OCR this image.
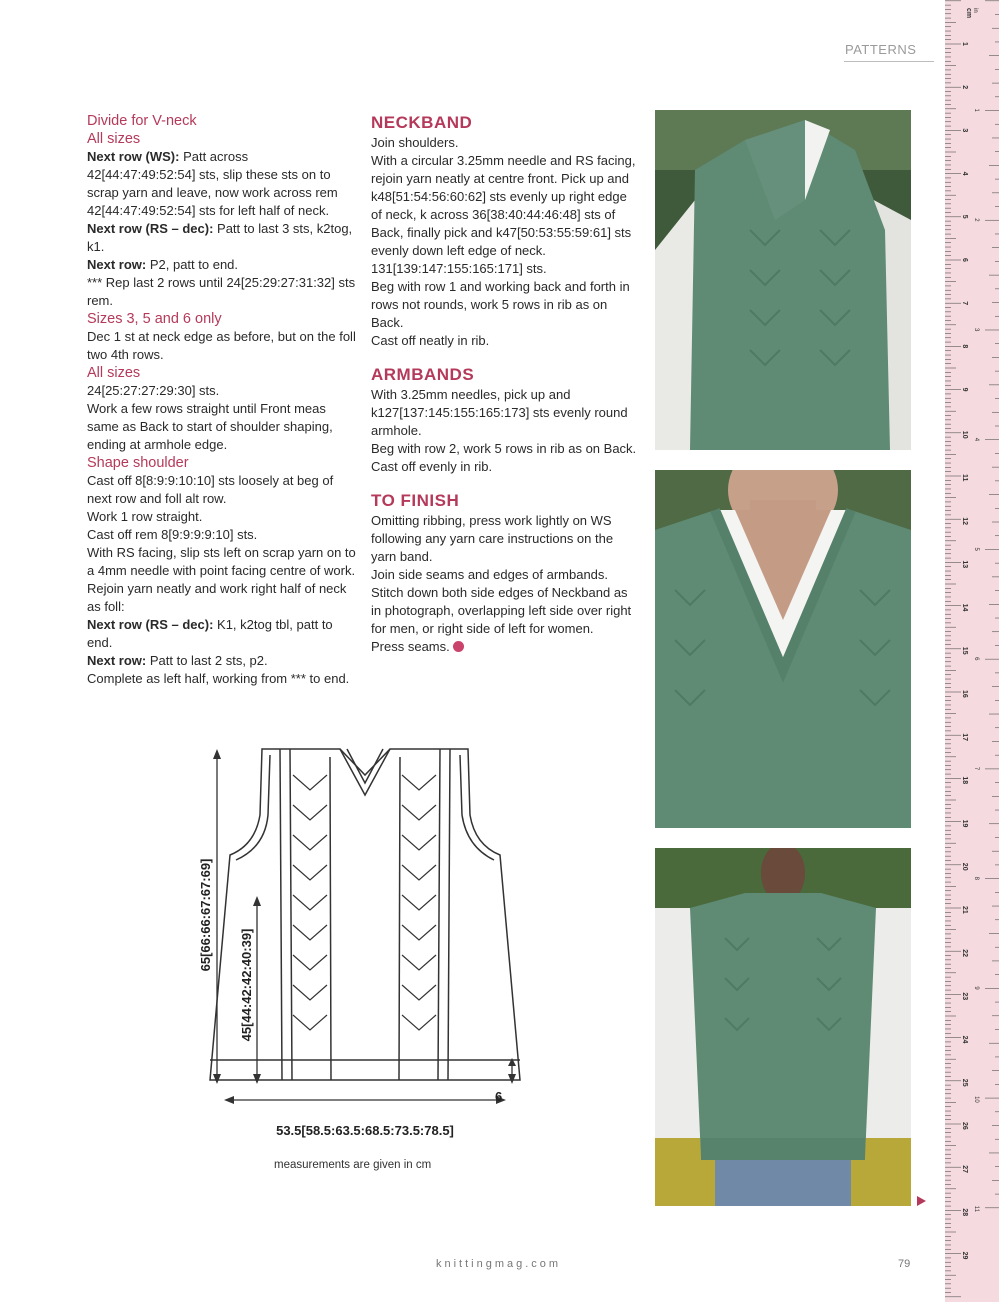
PATTERNS
Divide for V-neck
All sizes

Next row (WS): Patt across 42[44:47:49:52:54] sts, slip these sts on to scrap yarn and leave, now work across rem 42[44:47:49:52:54] sts for left half of neck.

Next row (RS – dec): Patt to last 3 sts, k2tog, k1.

Next row: P2, patt to end.

*** Rep last 2 rows until 24[25:29:27:31:32] sts rem.

Sizes 3, 5 and 6 only

Dec 1 st at neck edge as before, but on the foll two 4th rows.

All sizes

24[25:27:27:29:30] sts.

Work a few rows straight until Front meas same as Back to start of shoulder shaping, ending at armhole edge.

Shape shoulder

Cast off 8[8:9:9:10:10] sts loosely at beg of next row and foll alt row.

Work 1 row straight.

Cast off rem 8[9:9:9:9:10] sts.

With RS facing, slip sts left on scrap yarn on to a 4mm needle with point facing centre of work.

Rejoin yarn neatly and work right half of neck as foll:

Next row (RS – dec): K1, k2tog tbl, patt to end.

Next row: Patt to last 2 sts, p2.

Complete as left half, working from *** to end.

NECKBAND

Join shoulders.

With a circular 3.25mm needle and RS facing, rejoin yarn neatly at centre front. Pick up and k48[51:54:56:60:62] sts evenly up right edge of neck, k across 36[38:40:44:46:48] sts of Back, finally pick and k47[50:53:55:59:61] sts evenly down left edge of neck.

131[139:147:155:165:171] sts.

Beg with row 1 and working back and forth in rows not rounds, work 5 rows in rib as on Back.

Cast off neatly in rib.

ARMBANDS

With 3.25mm needles, pick up and k127[137:145:155:165:173] sts evenly round armhole.

Beg with row 2, work 5 rows in rib as on Back.

Cast off evenly in rib.

TO FINISH

Omitting ribbing, press work lightly on WS following any yarn care instructions on the yarn band.

Join side seams and edges of armbands. Stitch down both side edges of Neckband as in photograph, overlapping left side over right for men, or right side of left for women.

Press seams.

65[66:66:67:67:69]
45[44:42:42:40:39]
6
53.5[58.5:63.5:68.5:73.5:78.5]
measurements are given in cm
knittingmag.com	79
cm in
1
2
3
4
5
6
7
8
9
10
11
12
13
14
15
16
17
18
19
20
21
22
23
24
25
26
27
28
29
1
2
3
4
5
6
7
8
9
10
11
